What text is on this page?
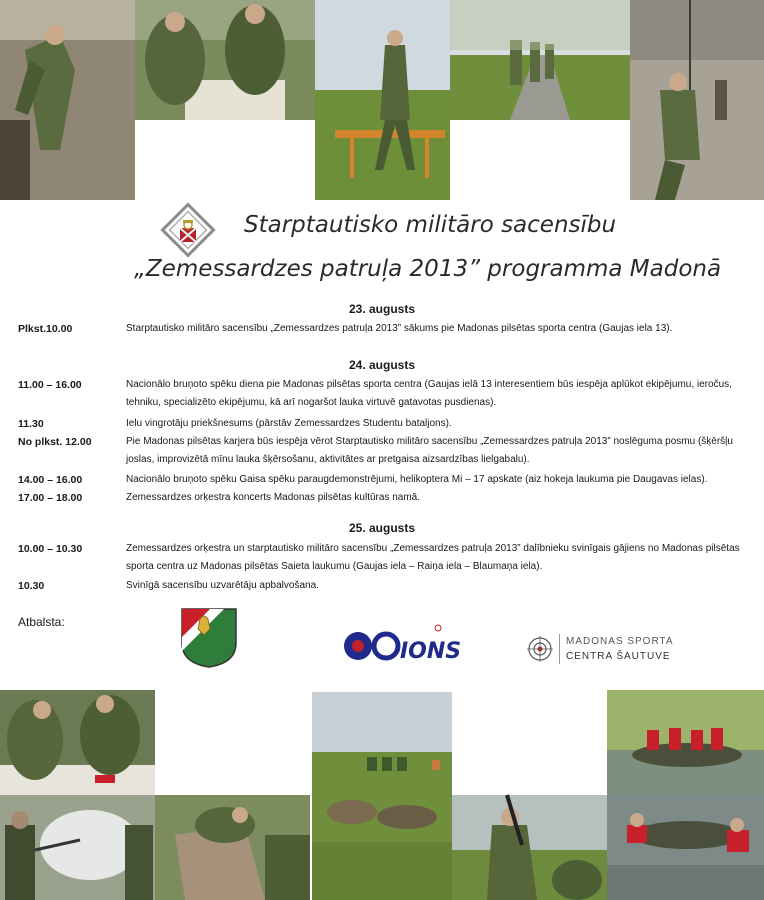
Starptautisko militāro sacensību
„Zemessardzes patruļa 2013” programma Madonā
23. augusts
Plkst.10.00	Starptautisko militāro sacensību „Zemessardzes patruļa 2013” sākums pie Madonas pilsētas sporta centra (Gaujas iela 13).
24. augusts
11.00 – 16.00	Nacionālo bruņoto spēku diena pie Madonas pilsētas sporta centra (Gaujas ielā 13 interesentiem būs iespēja aplūkot ekipējumu, ieročus, tehniku, specializēto ekipējumu, kā arī nogaršot lauka virtuvē gatavotas pusdienas).
11.30	Ielu vingrotāju priekšnesums (pārstāv Zemessardzes Studentu bataljons).
No plkst. 12.00	Pie Madonas pilsētas karjera būs iespēja vērot Starptautisko militāro sacensību „Zemessardzes patruļa 2013” noslēguma posmu (šķēršļu joslas, improvizētā mīnu lauka šķērsošanu, aktivitātes ar pretgaisa aizsardzības lielgabalu).
14.00 – 16.00	Nacionālo bruņoto spēku Gaisa spēku paraugdemonstrējumi, helikoptera Mi – 17 apskate (aiz hokeja laukuma pie Daugavas ielas).
17.00 – 18.00	Zemessardzes orķestra koncerts Madonas pilsētas kultūras namā.
25. augusts
10.00 – 10.30	Zemessardzes orķestra un starptautisko militāro sacensību „Zemessardzes patruļa 2013” dalībnieku svinīgais gājiens no Madonas pilsētas sporta centra uz Madonas pilsētas Saieta laukumu (Gaujas iela – Raiņa iela – Blaumaņa iela).
10.30	Svinīgā sacensību uzvarētāju apbalvošana.
Atbalsta:
IONS	MADONAS SPORTA
CENTRA ŠAUTUVE
